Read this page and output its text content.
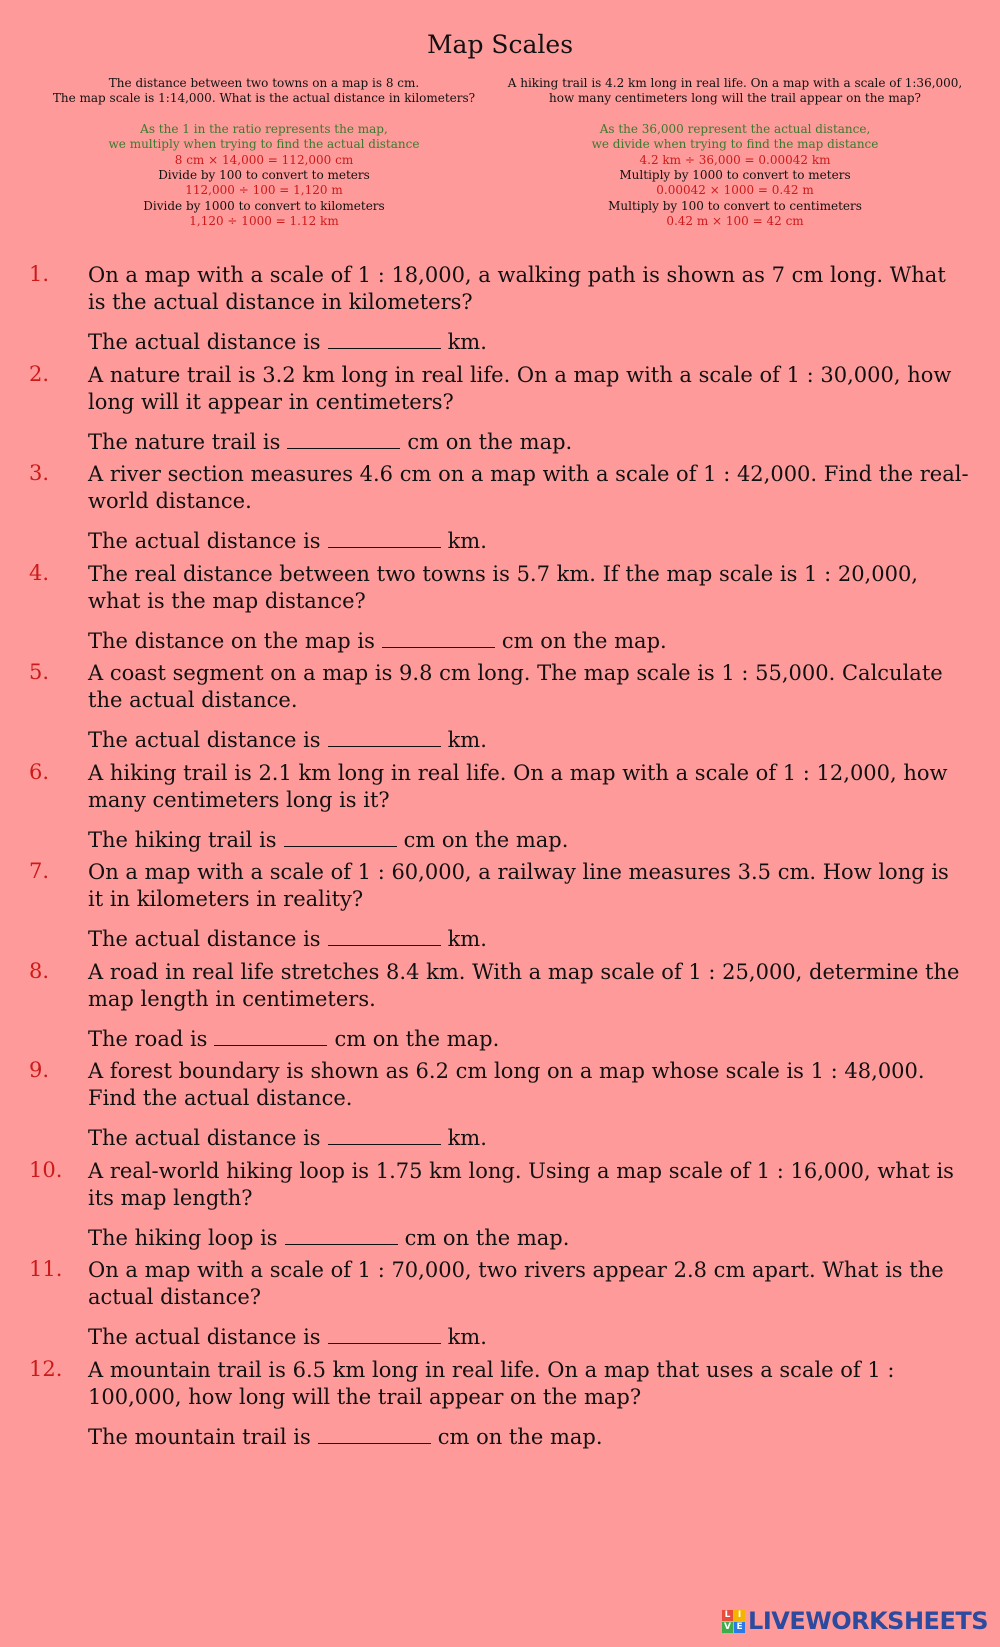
Map Scales
The distance between two towns on a map is 8 cm.
The map scale is 1:14,000. What is the actual distance in kilometers?
As the 1 in the ratio represents the map,
we multiply when trying to find the actual distance
8 cm × 14,000 = 112,000 cm
Divide by 100 to convert to meters
112,000 ÷ 100 = 1,120 m
Divide by 1000 to convert to kilometers
1,120 ÷ 1000 = 1.12 km
A hiking trail is 4.2 km long in real life. On a map with a scale of 1:36,000,
how many centimeters long will the trail appear on the map?
As the 36,000 represent the actual distance,
we divide when trying to find the map distance
4.2 km ÷ 36,000 = 0.00042 km
Multiply by 1000 to convert to meters
0.00042 × 1000 = 0.42 m
Multiply by 100 to convert to centimeters
0.42 m × 100 = 42 cm
1. On a map with a scale of 1 : 18,000, a walking path is shown as 7 cm long. What is the actual distance in kilometers?
The actual distance is	km.
2. A nature trail is 3.2 km long in real life. On a map with a scale of 1 : 30,000, how long will it appear in centimeters?
The nature trail is	cm on the map.
3. A river section measures 4.6 cm on a map with a scale of 1 : 42,000. Find the real-world distance.
The actual distance is	km.
4. The real distance between two towns is 5.7 km. If the map scale is 1 : 20,000, what is the map distance?
The distance on the map is	cm on the map.
5. A coast segment on a map is 9.8 cm long. The map scale is 1 : 55,000. Calculate the actual distance.
The actual distance is	km.
6. A hiking trail is 2.1 km long in real life. On a map with a scale of 1 : 12,000, how many centimeters long is it?
The hiking trail is	cm on the map.
7. On a map with a scale of 1 : 60,000, a railway line measures 3.5 cm. How long is it in kilometers in reality?
The actual distance is	km.
8. A road in real life stretches 8.4 km. With a map scale of 1 : 25,000, determine the map length in centimeters.
The road is	cm on the map.
9. A forest boundary is shown as 6.2 cm long on a map whose scale is 1 : 48,000. Find the actual distance.
The actual distance is	km.
10. A real-world hiking loop is 1.75 km long. Using a map scale of 1 : 16,000, what is its map length?
The hiking loop is	cm on the map.
11. On a map with a scale of 1 : 70,000, two rivers appear 2.8 cm apart. What is the actual distance?
The actual distance is	km.
12. A mountain trail is 6.5 km long in real life. On a map that uses a scale of 1 : 100,000, how long will the trail appear on the map?
The mountain trail is	cm on the map.
L I
V E LIVEWORKSHEETS
